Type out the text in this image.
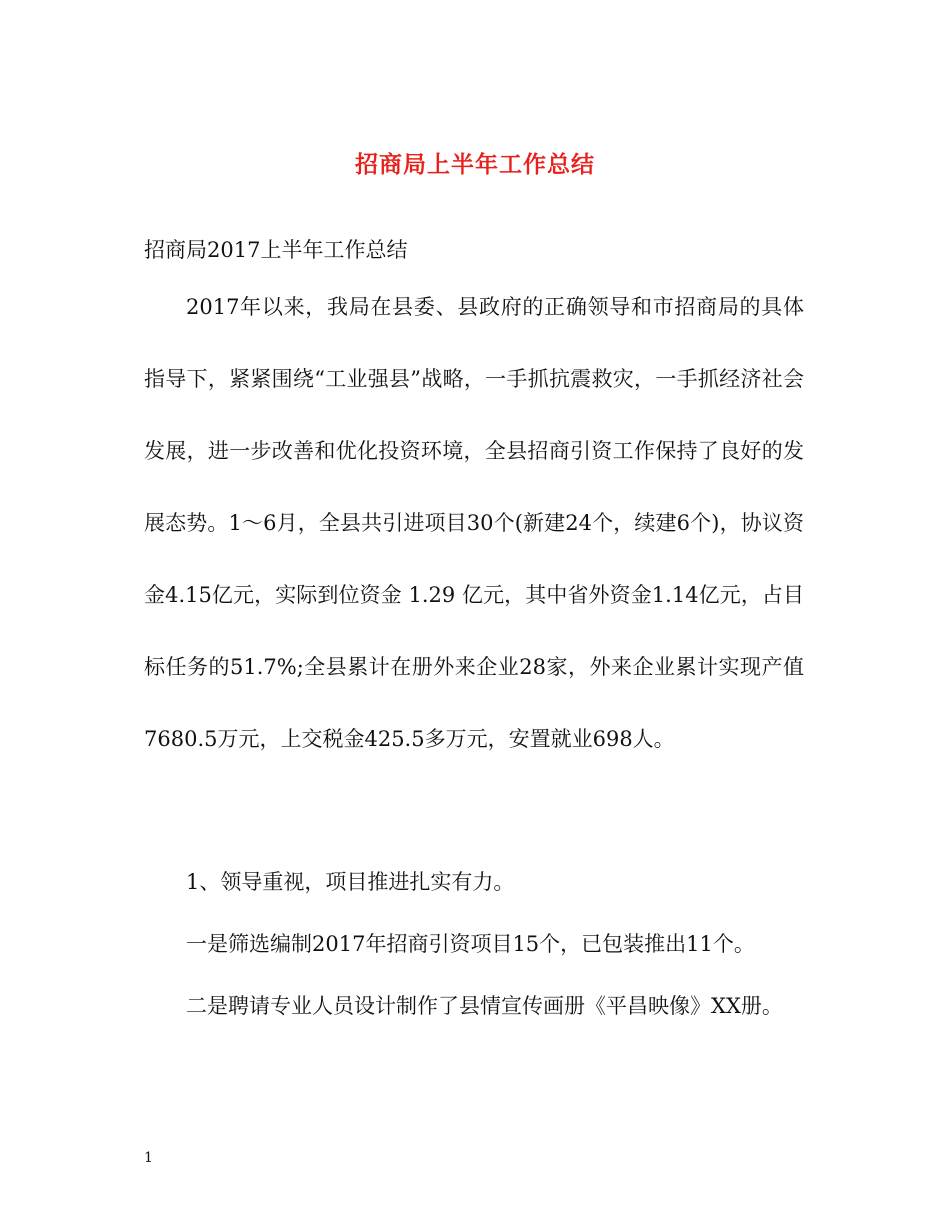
招商局上半年工作总结

招商局2017上半年工作总结

2017年以来，我局在县委、县政府的正确领导和市招商局的具体指导下，紧紧围绕“工业强县”战略，一手抓抗震救灾，一手抓经济社会发展，进一步改善和优化投资环境，全县招商引资工作保持了良好的发展态势。1～6月，全县共引进项目30个(新建24个，续建6个)，协议资金4.15亿元，实际到位资金 1.29 亿元，其中省外资金1.14亿元，占目标任务的51.7%;全县累计在册外来企业28家，外来企业累计实现产值7680.5万元，上交税金425.5多万元，安置就业698人。

1、领导重视，项目推进扎实有力。

一是筛选编制2017年招商引资项目15个，已包装推出11个。

二是聘请专业人员设计制作了县情宣传画册《平昌映像》XX册。

1
